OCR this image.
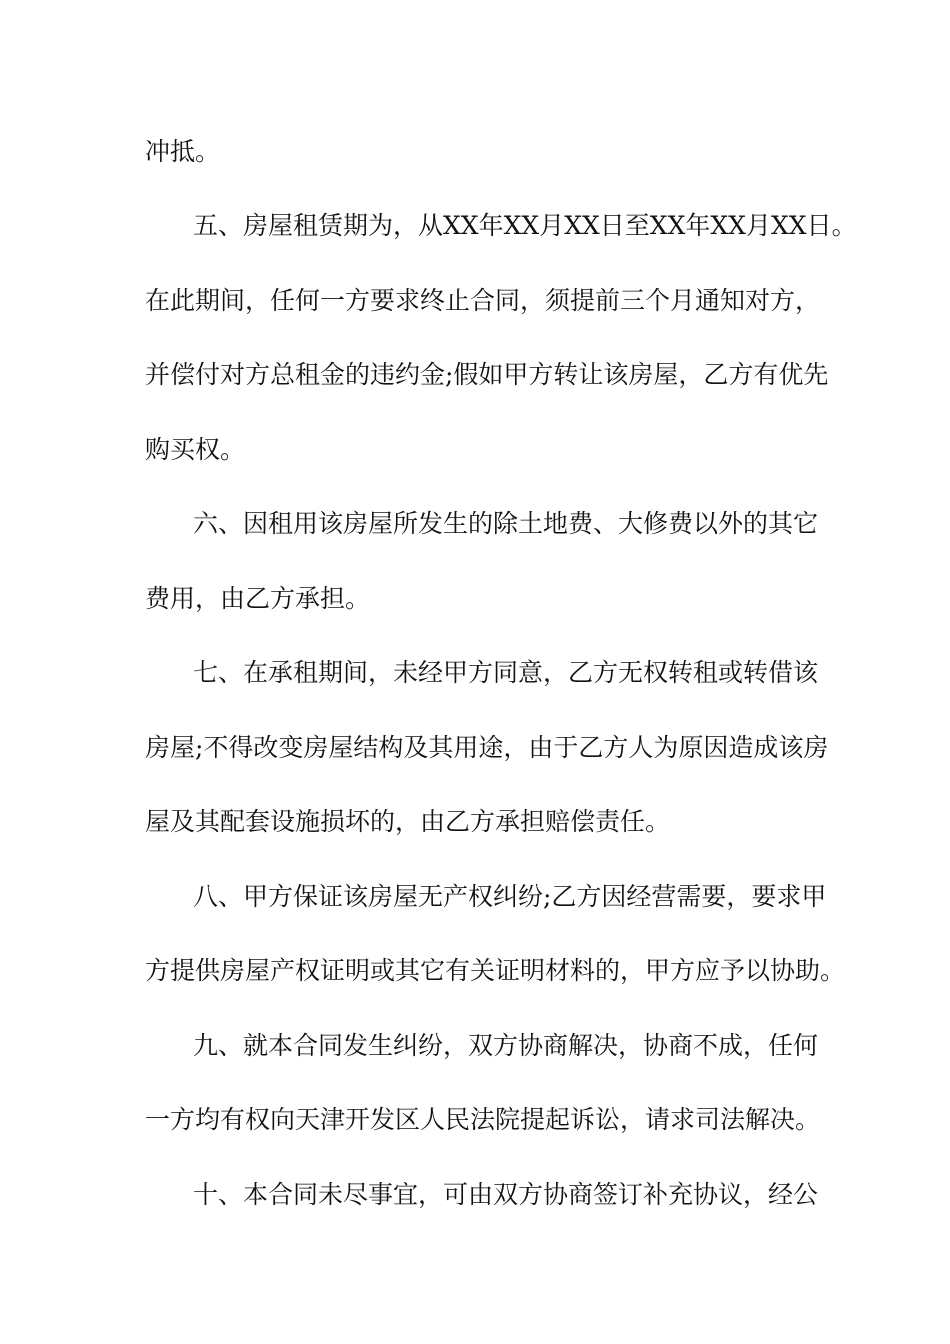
冲抵。
五、房屋租赁期为，从XX年XX月XX日至XX年XX月XX日。
在此期间，任何一方要求终止合同，须提前三个月通知对方，
并偿付对方总租金的违约金;假如甲方转让该房屋，乙方有优先
购买权。
六、因租用该房屋所发生的除土地费、大修费以外的其它
费用，由乙方承担。
七、在承租期间，未经甲方同意，乙方无权转租或转借该
房屋;不得改变房屋结构及其用途，由于乙方人为原因造成该房
屋及其配套设施损坏的，由乙方承担赔偿责任。
八、甲方保证该房屋无产权纠纷;乙方因经营需要，要求甲
方提供房屋产权证明或其它有关证明材料的，甲方应予以协助。
九、就本合同发生纠纷，双方协商解决，协商不成，任何
一方均有权向天津开发区人民法院提起诉讼，请求司法解决。
十、本合同未尽事宜，可由双方协商签订补充协议，经公
